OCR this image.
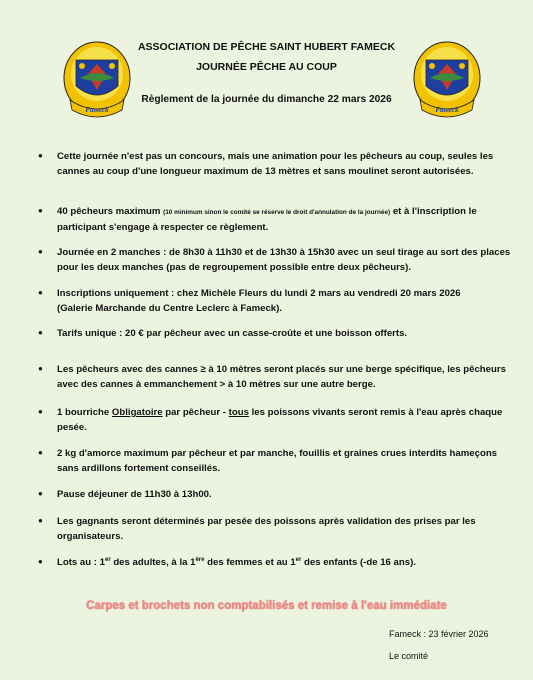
Fameck	Fameck
ASSOCIATION DE PÊCHE SAINT HUBERT FAMECK
JOURNÉE PÊCHE AU COUP
Règlement de la journée du dimanche 22 mars 2026
● Cette journée n'est pas un concours, mais une animation pour les pêcheurs au coup, seules les cannes au coup d'une longueur maximum de 13 mètres et sans moulinet seront autorisées.
● 40 pêcheurs maximum (10 minimum sinon le comité se réserve le droit d'annulation de la journée) et à l'inscription le participant s'engage à respecter ce règlement.
● Journée en 2 manches : de 8h30 à 11h30 et de 13h30 à 15h30 avec un seul tirage au sort des places pour les deux manches (pas de regroupement possible entre deux pêcheurs).
● Inscriptions uniquement : chez Michèle Fleurs du lundi 2 mars au vendredi 20 mars 2026
(Galerie Marchande du Centre Leclerc à Fameck).
● Tarifs unique : 20 € par pêcheur avec un casse-croûte et une boisson offerts.
● Les pêcheurs avec des cannes ≥ à 10 mètres seront placés sur une berge spécifique, les pêcheurs avec des cannes à emmanchement > à 10 mètres sur une autre berge.
● 1 bourriche Obligatoire par pêcheur - tous les poissons vivants seront remis à l'eau après chaque pesée.
● 2 kg d'amorce maximum par pêcheur et par manche, fouillis et graines crues interdits hameçons sans ardillons fortement conseillés.
● Pause déjeuner de 11h30 à 13h00.
● Les gagnants seront déterminés par pesée des poissons après validation des prises par les organisateurs.
● Lots au : 1er des adultes, à la 1ère des femmes et au 1er des enfants (-de 16 ans).
Carpes et brochets non comptabilisés et remise à l'eau immédiate
Fameck : 23 février 2026
Le comité
